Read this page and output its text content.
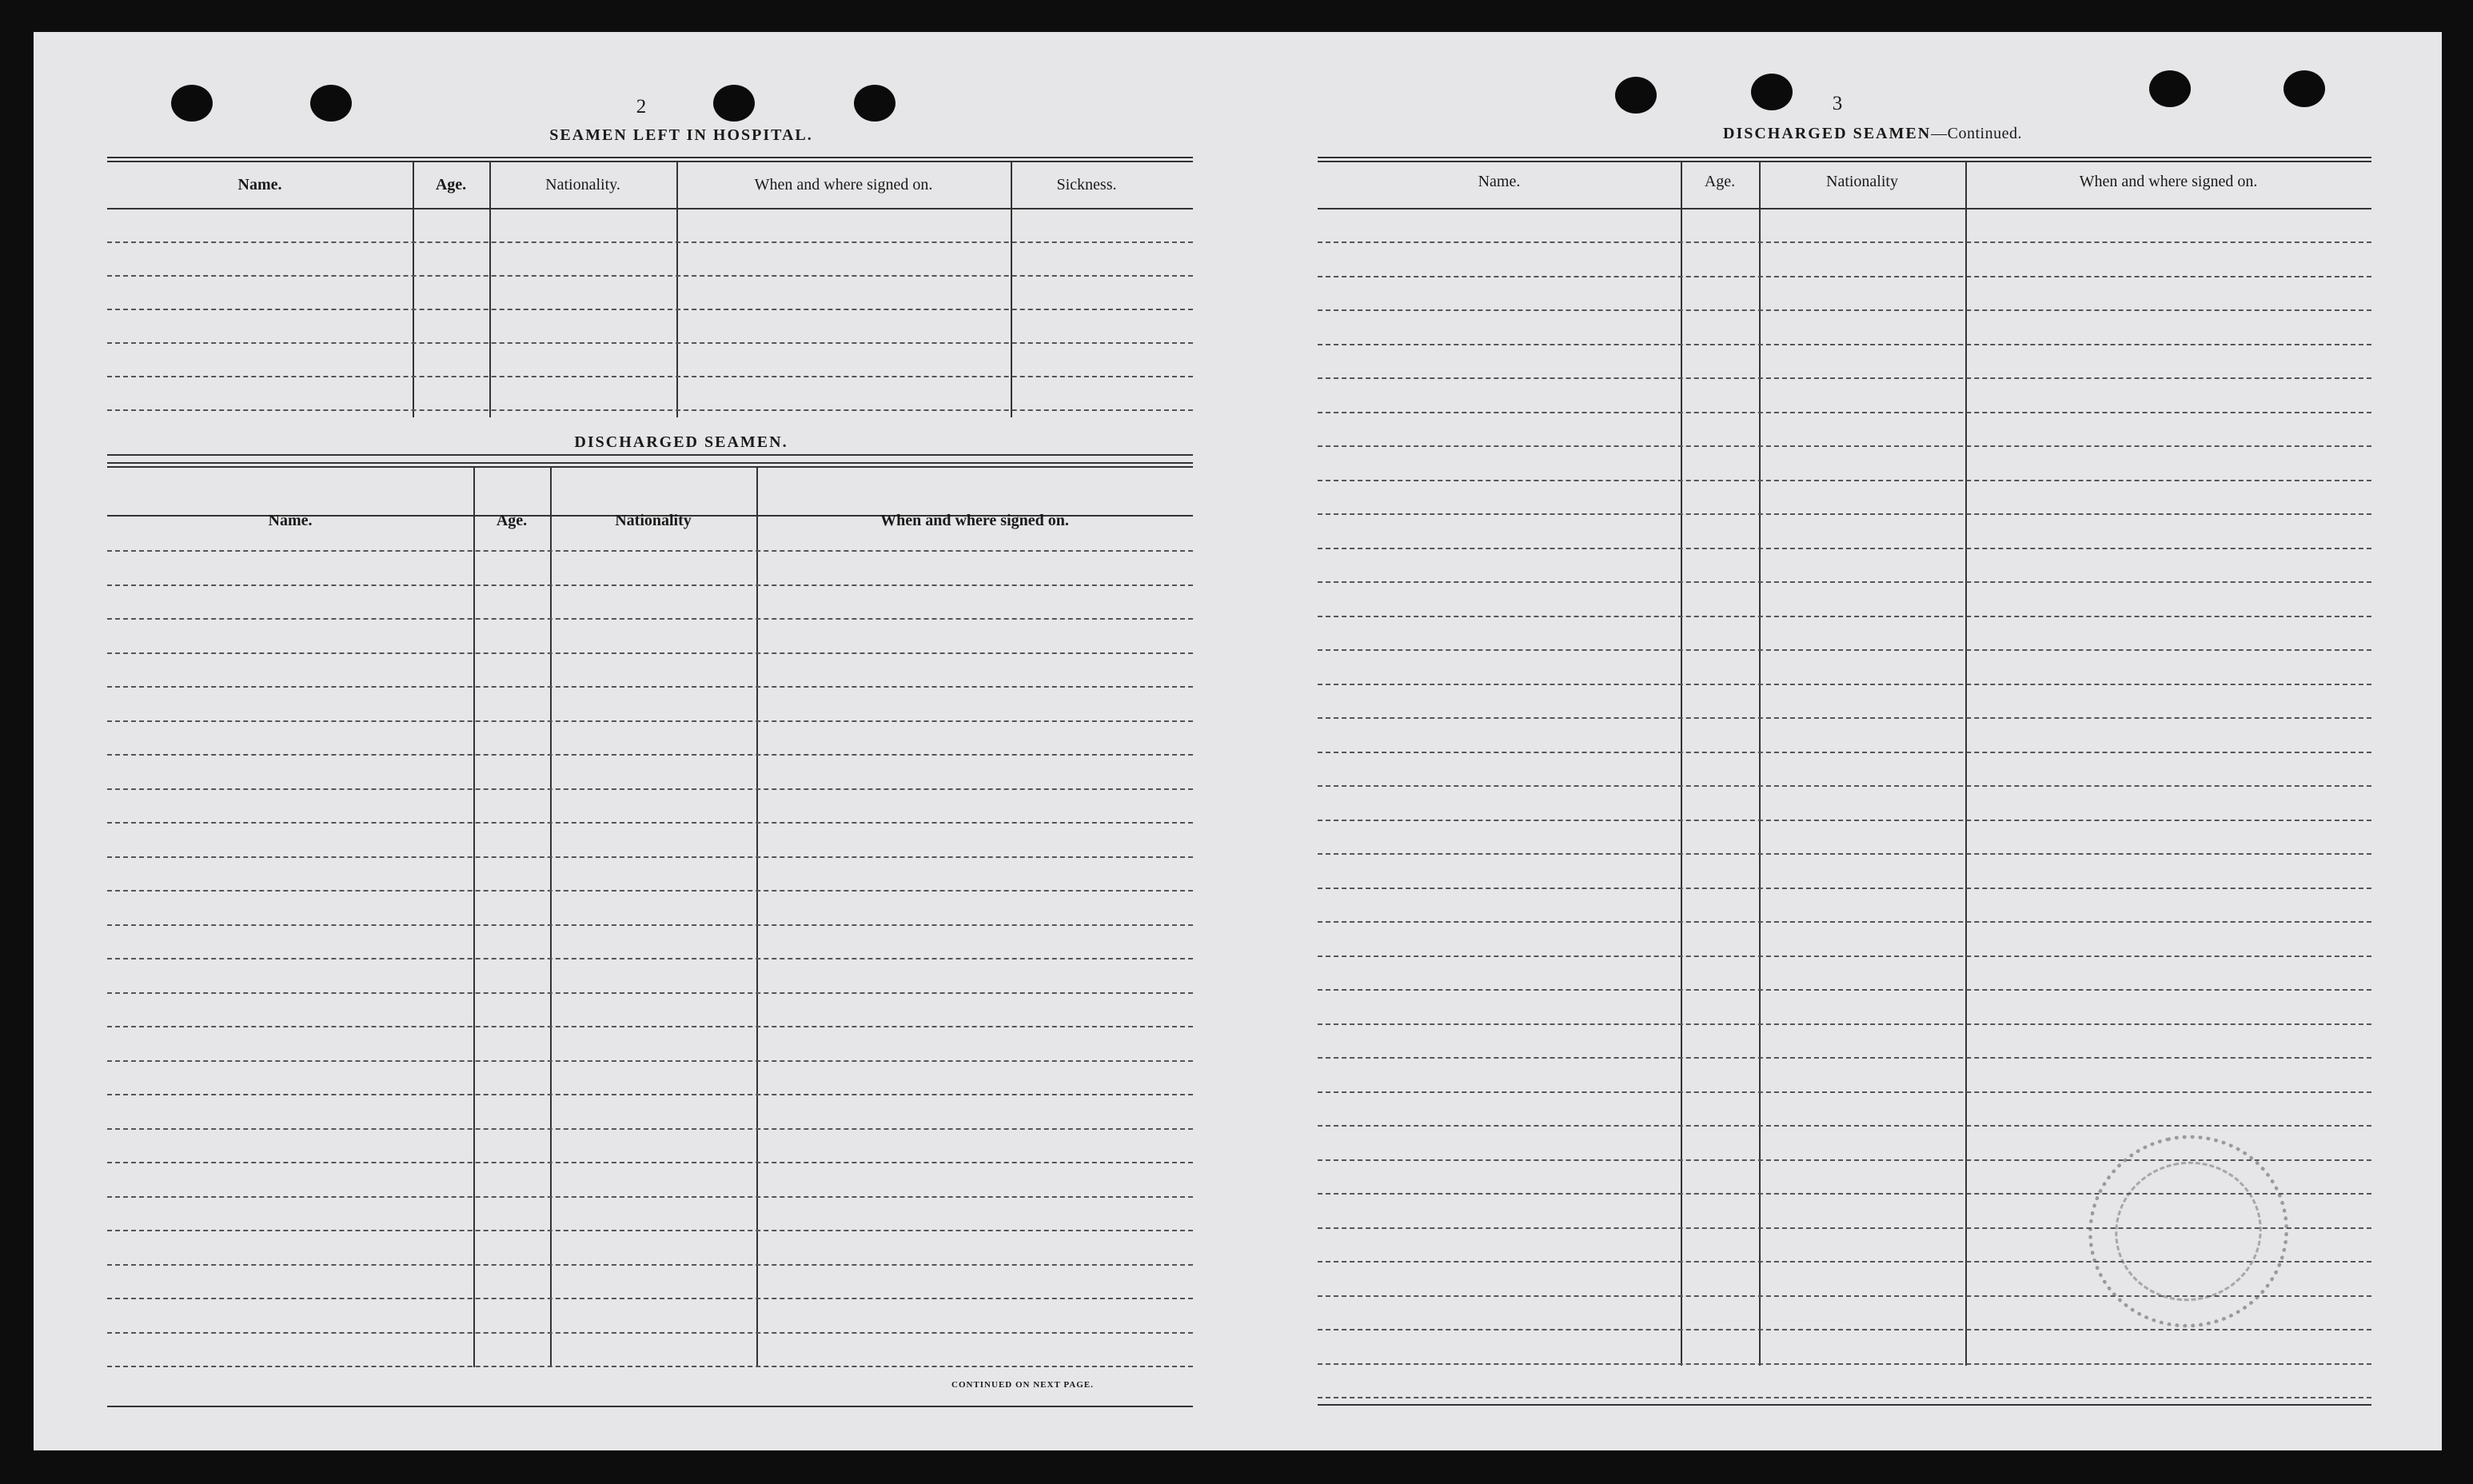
2
SEAMEN LEFT IN HOSPITAL.
Name.	Age.	Nationality.	When and where signed on.	Sickness.
DISCHARGED SEAMEN.
Name.	Age.	Nationality	When and where signed on.
CONTINUED ON NEXT PAGE.
3
DISCHARGED SEAMEN—Continued.
Name.	Age.	Nationality	When and where signed on.
